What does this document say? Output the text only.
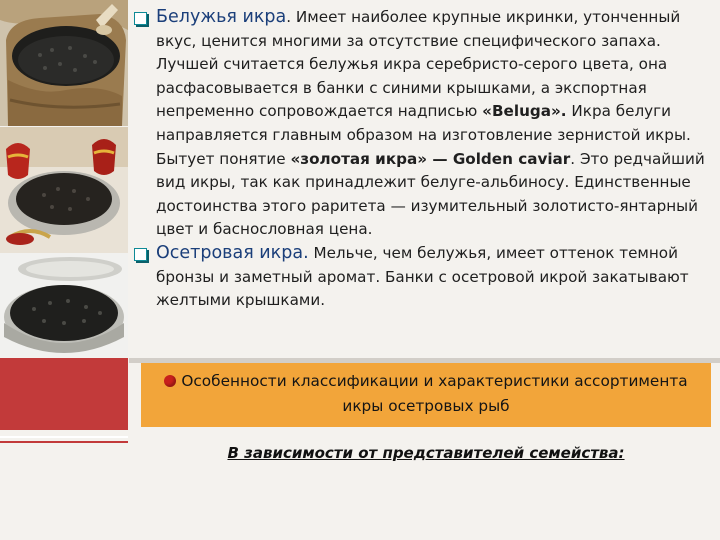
Белужья икра. Имеет наиболее крупные икринки, утонченный вкус, ценится многими за отсутствие специфического запаха. Лучшей считается белужья икра серебристо-серого цвета, она расфасовывается в банки с синими крышками, а экспортная непременно сопровождается надписью «Beluga». Икра белуги направляется главным образом на изготовление зернистой икры. Бытует понятие «золотая икра» — Golden caviar. Это редчайший вид икры, так как принадлежит белуге-альбиносу. Единственные достоинства этого раритета — изумительный золотисто-янтарный цвет и баснословная цена.
Осетровая икра. Мельче, чем белужья, имеет оттенок темной бронзы и заметный аромат. Банки с осетровой икрой закатывают желтыми крышками.
Особенности классификации и характеристики ассортимента икры осетровых рыб
В зависимости от представителей семейства:
